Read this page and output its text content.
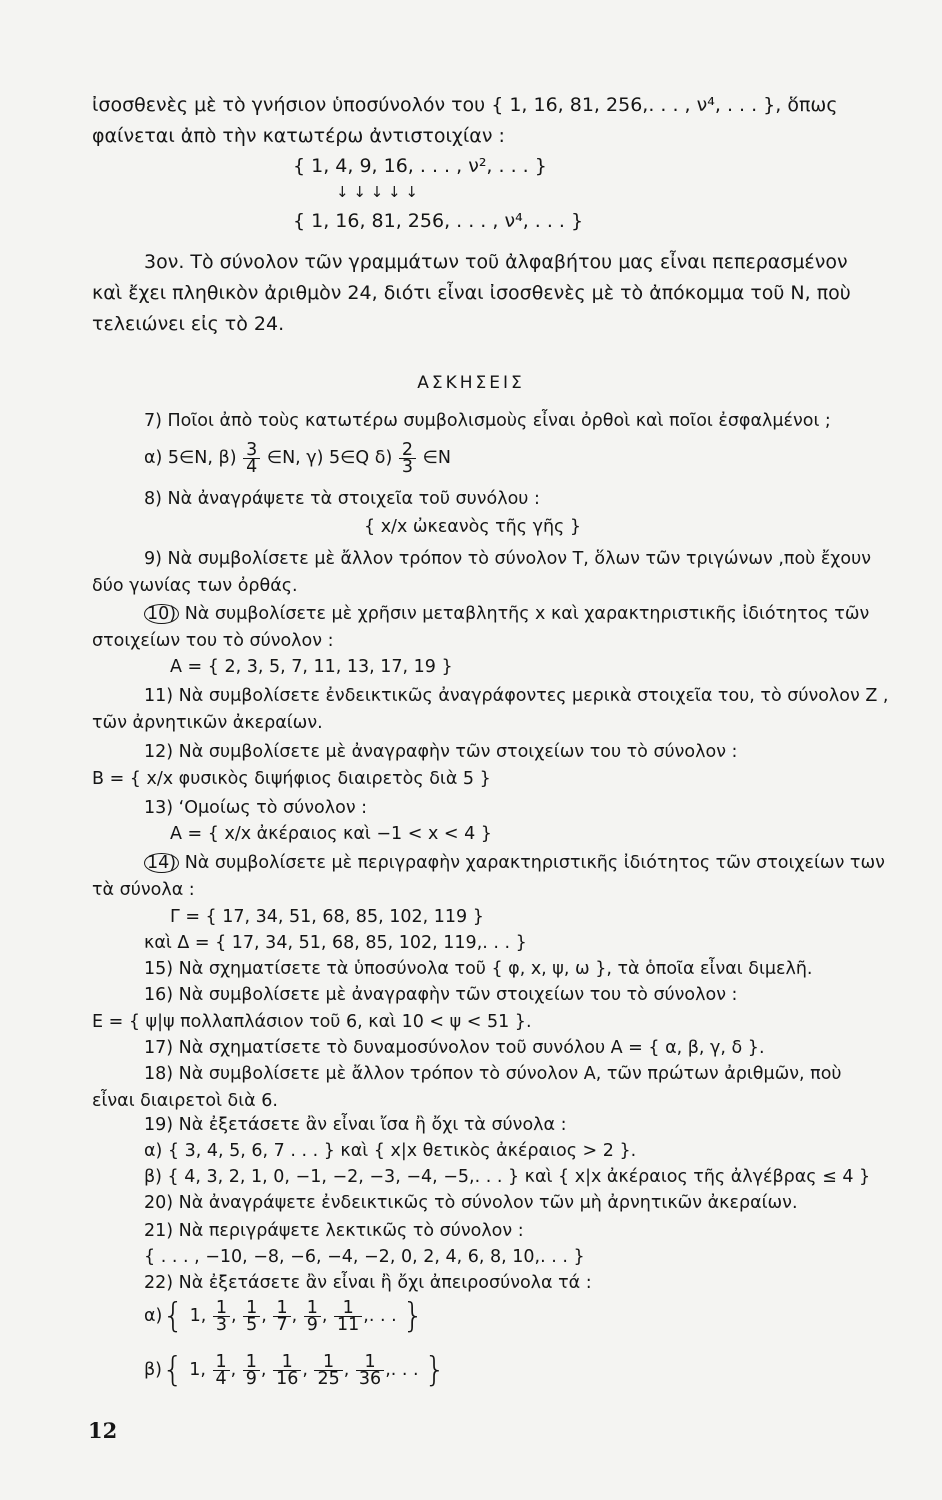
ἰσοσθενὲς μὲ τὸ γνήσιον ὑποσύνολόν του { 1, 16, 81, 256,. . . , ν⁴, . . . }, ὅπως
φαίνεται ἀπὸ τὴν κατωτέρω ἀντιστοιχίαν :
{ 1, 4, 9, 16, . . . , ν², . . . }
↓ ↓ ↓ ↓ ↓
{ 1, 16, 81, 256, . . . , ν⁴, . . . }
3ον. Τὸ σύνολον τῶν γραμμάτων τοῦ ἀλφαβήτου μας εἶναι πεπερασμένον
καὶ ἔχει πληθικὸν ἀριθμὸν 24, διότι εἶναι ἰσοσθενὲς μὲ τὸ ἀπόκομμα τοῦ Ν, ποὺ
τελειώνει εἰς τὸ 24.
ΑΣΚΗΣΕΙΣ
7) Ποῖοι ἀπὸ τοὺς κατωτέρω συμβολισμοὺς εἶναι ὀρθοὶ καὶ ποῖοι ἐσφαλμένοι ;
α) 5∈N, $\beta) \frac{3}{4}$ ∈N, γ) 5∈Q $\delta) \frac{2}{3}$ ∈N
8) Νὰ ἀναγράψετε τὰ στοιχεῖα τοῦ συνόλου :
{ x/x ὠκεανὸς τῆς γῆς }
9) Νὰ συμβολίσετε μὲ ἄλλον τρόπον τὸ σύνολον Τ, ὅλων τῶν τριγώνων ,ποὺ ἔχουν
δύο γωνίας των ὀρθάς.
10) Νὰ συμβολίσετε μὲ χρῆσιν μεταβλητῆς x καὶ χαρακτηριστικῆς ἰδιότητος τῶν
στοιχείων του τὸ σύνολον :
A = { 2, 3, 5, 7, 11, 13, 17, 19 }
11) Νὰ συμβολίσετε ἐνδεικτικῶς ἀναγράφοντες μερικὰ στοιχεῖα του, τὸ σύνολον Ζ ,
τῶν ἀρνητικῶν ἀκεραίων.
12) Νὰ συμβολίσετε μὲ ἀναγραφὴν τῶν στοιχείων του τὸ σύνολον :
B = { x/x φυσικὸς διψήφιος διαιρετὸς διὰ 5 }
13) ‘Ομοίως τὸ σύνολον :
A = { x/x ἀκέραιος καὶ −1 < x < 4 }
14) Νὰ συμβολίσετε μὲ περιγραφὴν χαρακτηριστικῆς ἰδιότητος τῶν στοιχείων των
τὰ σύνολα :
Γ = { 17, 34, 51, 68, 85, 102, 119 }
καὶ Δ = { 17, 34, 51, 68, 85, 102, 119,. . . }
15) Νὰ σχηματίσετε τὰ ὑποσύνολα τοῦ { φ, x, ψ, ω }, τὰ ὁποῖα εἶναι διμελῆ.
16) Νὰ συμβολίσετε μὲ ἀναγραφὴν τῶν στοιχείων του τὸ σύνολον :
E = { ψ|ψ πολλαπλάσιον τοῦ 6, καὶ 10 < ψ < 51 }.
17) Νὰ σχηματίσετε τὸ δυναμοσύνολον τοῦ συνόλου A = { α, β, γ, δ }.
18) Νὰ συμβολίσετε μὲ ἄλλον τρόπον τὸ σύνολον Α, τῶν πρώτων ἀριθμῶν, ποὺ
εἶναι διαιρετοὶ διὰ 6.
19) Νὰ ἐξετάσετε ἂν εἶναι ἴσα ἢ ὄχι τὰ σύνολα :
α) { 3, 4, 5, 6, 7 . . . } καὶ { x|x θετικὸς ἀκέραιος > 2 }.
β) { 4, 3, 2, 1, 0, −1, −2, −3, −4, −5,. . . } καὶ { x|x ἀκέραιος τῆς ἀλγέβρας ≤ 4 }
20) Νὰ ἀναγράψετε ἐνδεικτικῶς τὸ σύνολον τῶν μὴ ἀρνητικῶν ἀκεραίων.
21) Νὰ περιγράψετε λεκτικῶς τὸ σύνολον :
{ . . . , −10, −8, −6, −4, −2, 0, 2, 4, 6, 8, 10,. . . }
22) Νὰ ἐξετάσετε ἂν εἶναι ἢ ὄχι ἀπειροσύνολα τά :
α){ 1, $\frac{1}{3}$ , $\frac{1}{5}$ , $\frac{1}{7}$ , $\frac{1}{9}$ , $\frac{1}{11}$ ,. . . }
β){ 1, $\frac{1}{4}$ , $\frac{1}{9}$ , $\frac{1}{16}$ , $\frac{1}{25}$ , $\frac{1}{36}$ ,. . . }
12
